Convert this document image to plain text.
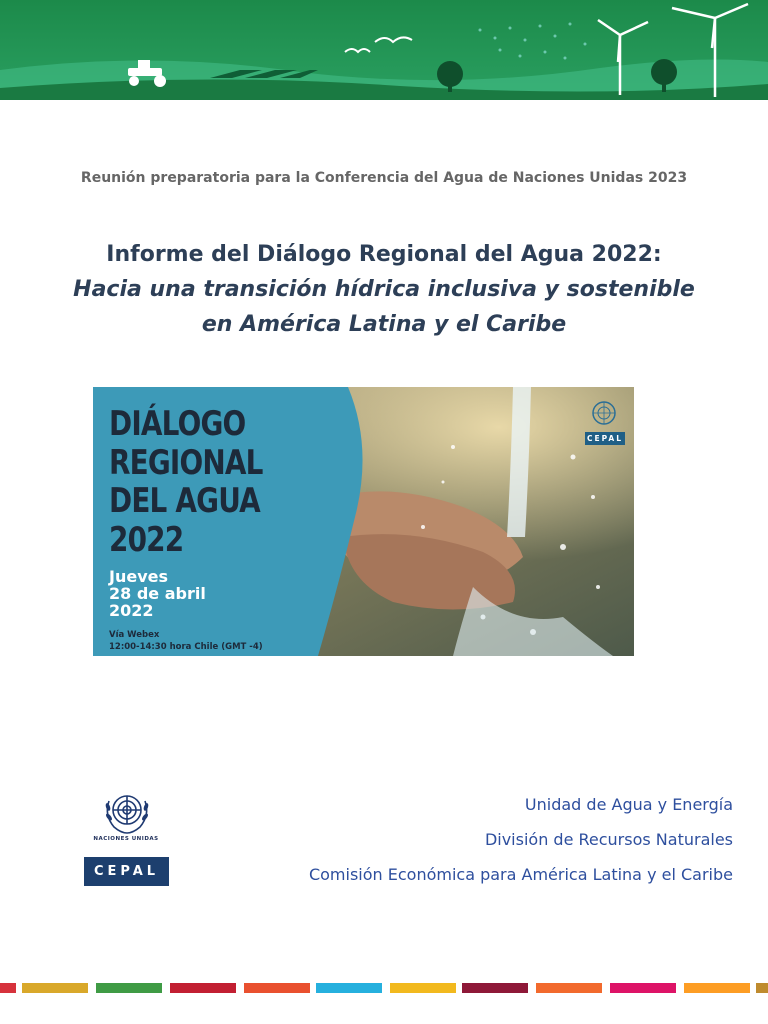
Reunión preparatoria para la Conferencia del Agua de Naciones Unidas 2023
Informe del Diálogo Regional del Agua 2022:
Hacia una transición hídrica inclusiva y sostenible
en América Latina y el Caribe
DIÁLOGO
REGIONAL
DEL AGUA
2022
Jueves
28 de abril
2022
Vía Webex
12:00-14:30 hora Chile (GMT -4)
CEPAL
NACIONES UNIDAS
CEPAL
Unidad de Agua y Energía
División de Recursos Naturales
Comisión Económica para América Latina y el Caribe
